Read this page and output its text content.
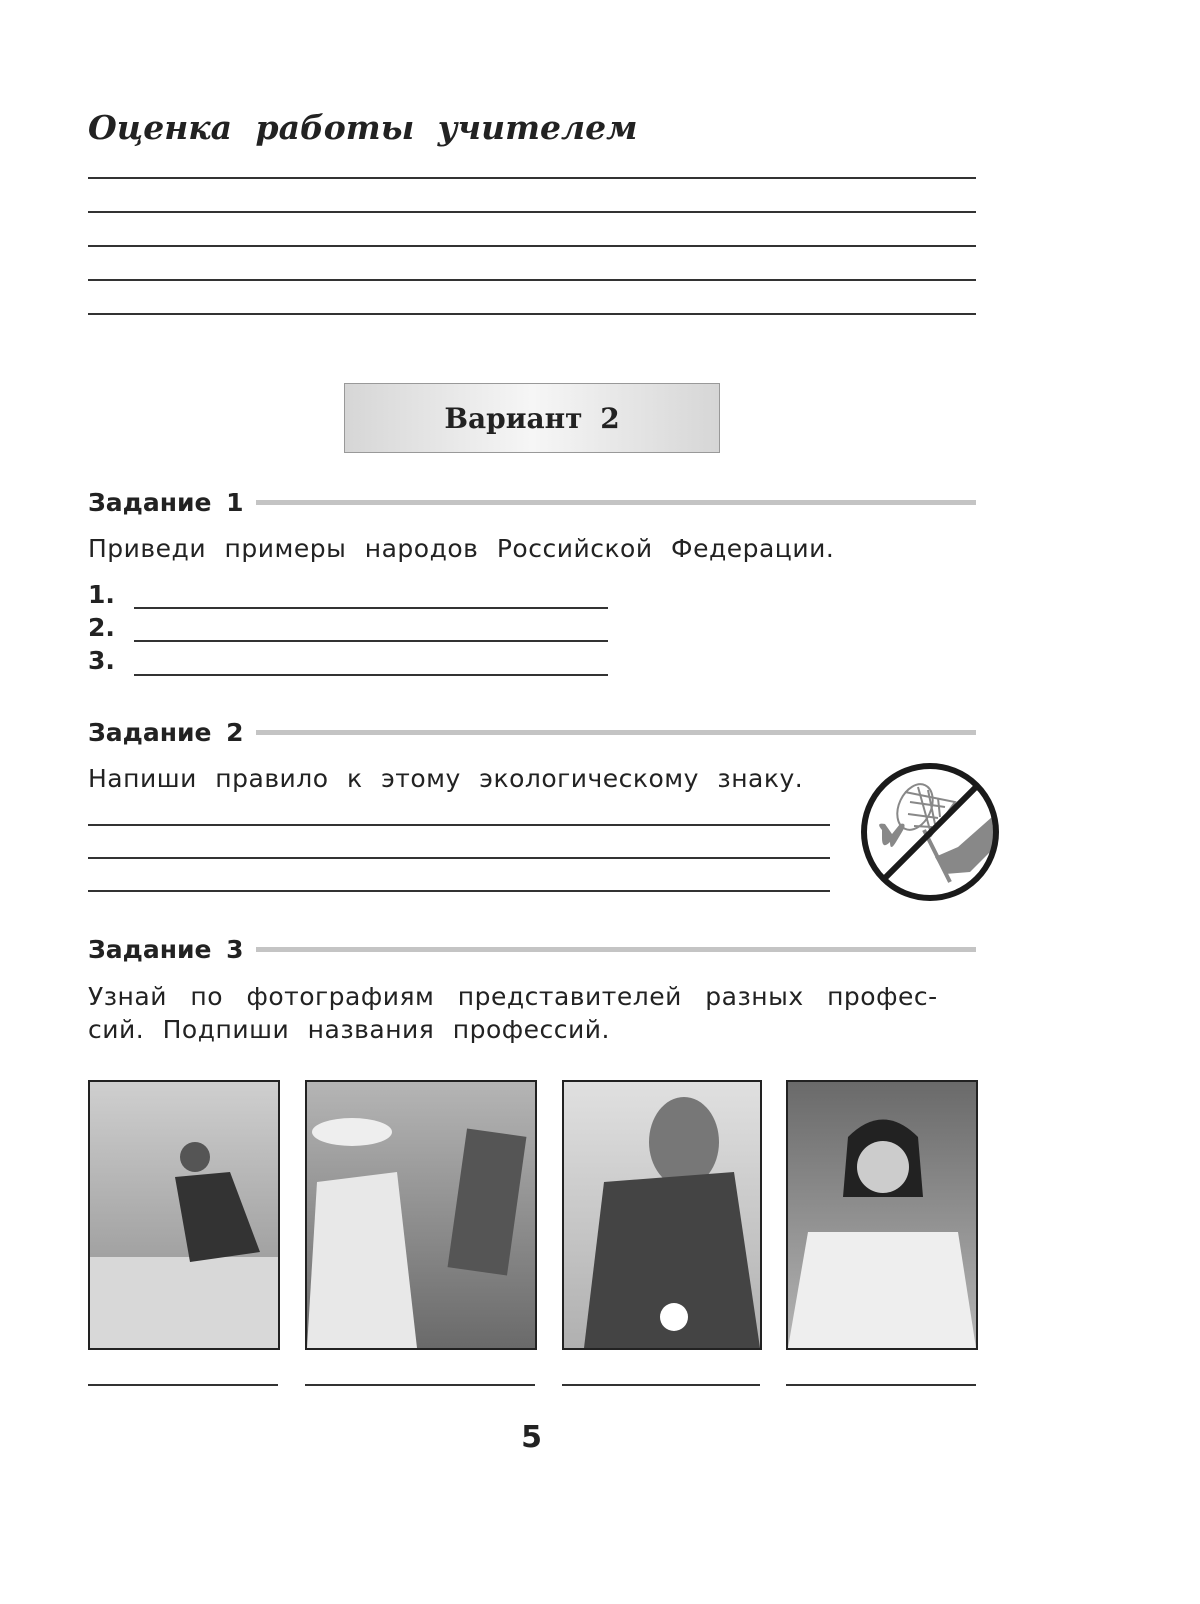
Оценка работы учителем
Вариант 2
Задание 1
Приведи примеры народов Российской Федерации.
1.
2.
3.
Задание 2
Напиши правило к этому экологическому знаку.
Задание 3
Узнай по фотографиям представителей разных профес-
сий. Подпиши названия профессий.
5
